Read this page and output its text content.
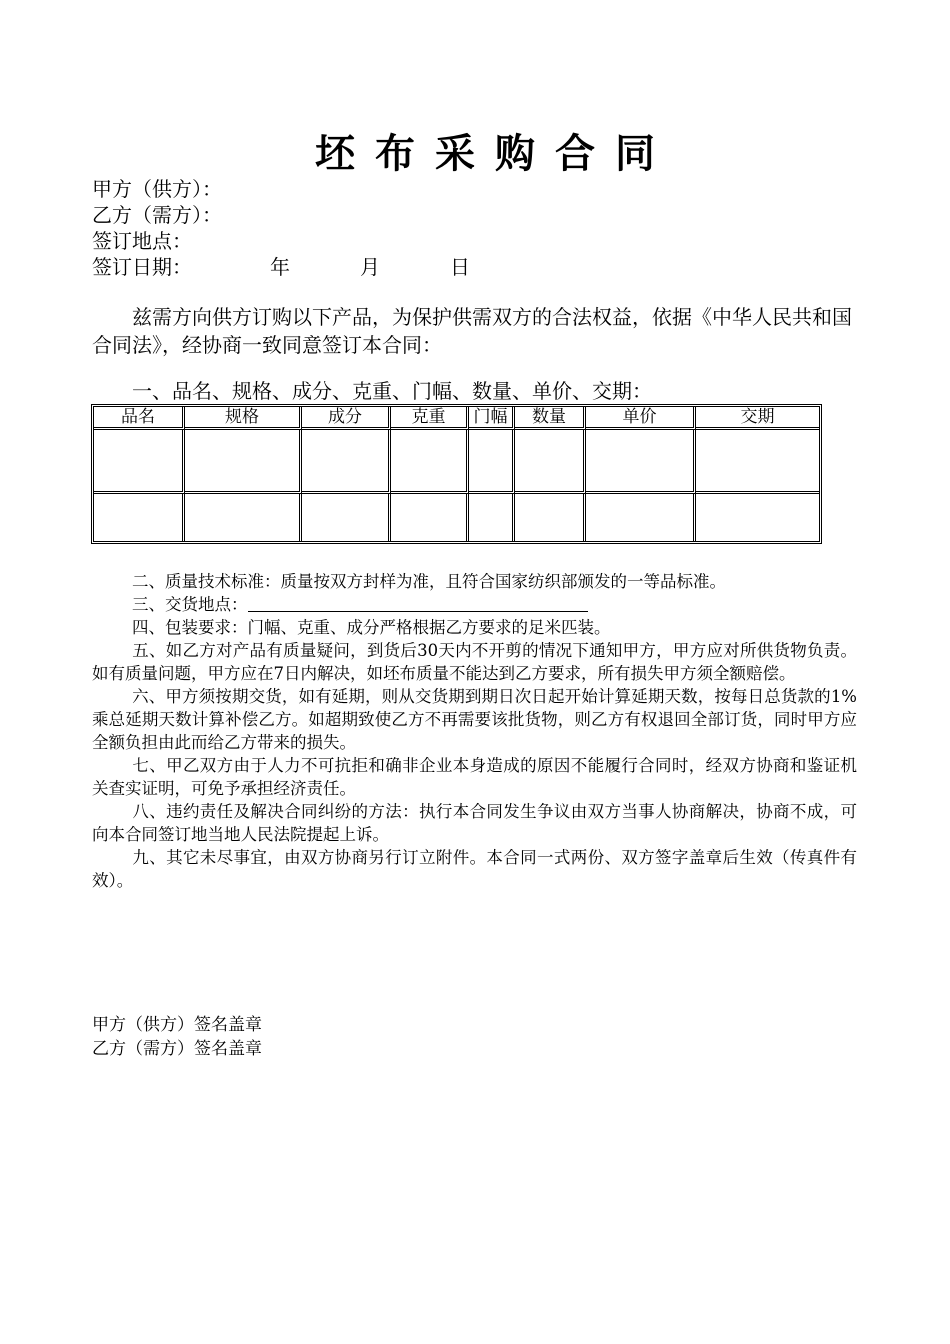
坯布采购合同
甲方（供方）：
乙方（需方）：
签订地点：
签订日期：	年	月	日
兹需方向供方订购以下产品，为保护供需双方的合法权益，依据《中华人民共和国合同法》，经协商一致同意签订本合同：
一、品名、规格、成分、克重、门幅、数量、单价、交期：
品名	规格	成分	克重	门幅	数量	单价	交期

二、质量技术标准：质量按双方封样为准，且符合国家纺织部颁发的一等品标准。

三、交货地点：

四、包装要求：门幅、克重、成分严格根据乙方要求的足米匹装。

五、如乙方对产品有质量疑问，到货后30天内不开剪的情况下通知甲方，甲方应对所供货物负责。如有质量问题，甲方应在7日内解决，如坯布质量不能达到乙方要求，所有损失甲方须全额赔偿。

六、甲方须按期交货，如有延期，则从交货期到期日次日起开始计算延期天数，按每日总货款的1%乘总延期天数计算补偿乙方。如超期致使乙方不再需要该批货物，则乙方有权退回全部订货，同时甲方应全额负担由此而给乙方带来的损失。

七、甲乙双方由于人力不可抗拒和确非企业本身造成的原因不能履行合同时，经双方协商和鉴证机关查实证明，可免予承担经济责任。

八、违约责任及解决合同纠纷的方法：执行本合同发生争议由双方当事人协商解决，协商不成，可向本合同签订地当地人民法院提起上诉。

九、其它未尽事宜，由双方协商另行订立附件。本合同一式两份、双方签字盖章后生效（传真件有效）。

甲方（供方）签名盖章
乙方（需方）签名盖章
